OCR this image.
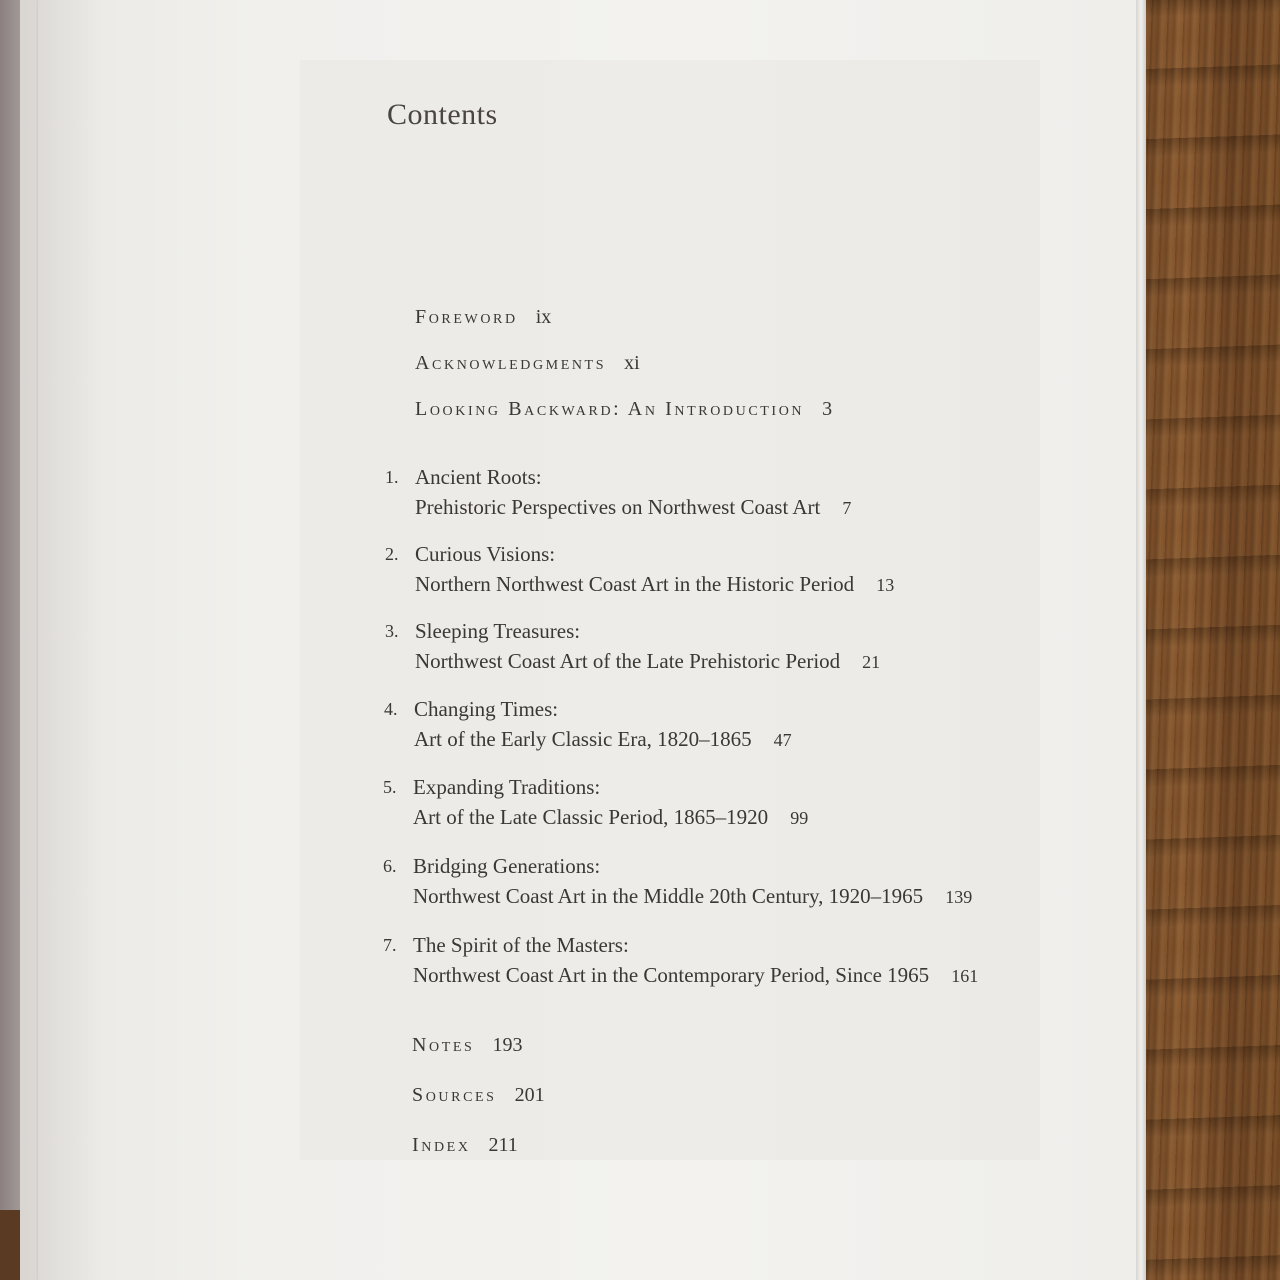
Contents
Foreword ix
Acknowledgments xi
Looking Backward: An Introduction 3
1. Ancient Roots:
Prehistoric Perspectives on Northwest Coast Art 7
2. Curious Visions:
Northern Northwest Coast Art in the Historic Period 13
3. Sleeping Treasures:
Northwest Coast Art of the Late Prehistoric Period 21
4. Changing Times:
Art of the Early Classic Era, 1820–1865 47
5. Expanding Traditions:
Art of the Late Classic Period, 1865–1920 99
6. Bridging Generations:
Northwest Coast Art in the Middle 20th Century, 1920–1965 139
7. The Spirit of the Masters:
Northwest Coast Art in the Contemporary Period, Since 1965 161
Notes 193
Sources 201
Index 211
